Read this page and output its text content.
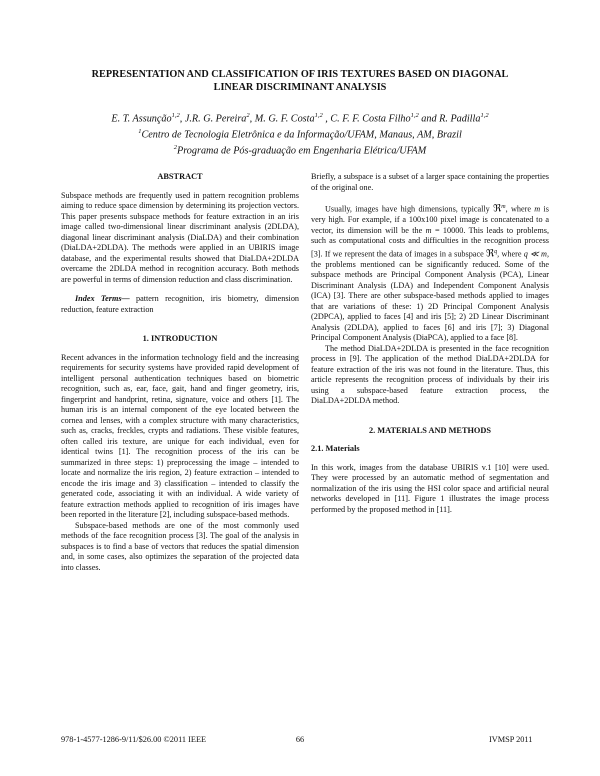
REPRESENTATION AND CLASSIFICATION OF IRIS TEXTURES BASED ON DIAGONAL
LINEAR DISCRIMINANT ANALYSIS
E. T. Assunção$^{1,2}$, J.R. G. Pereira$^2$, M. G. F. Costa$^{1,2}$ , C. F. F. Costa Filho$^{1,2}$ and R. Padilla$^{1,2}$
$^1$Centro de Tecnologia Eletrônica e da Informação/UFAM, Manaus, AM, Brazil
$^2$Programa de Pós-graduação em Engenharia Elétrica/UFAM
ABSTRACT

Subspace methods are frequently used in pattern recognition problems aiming to reduce space dimension by determining its projection vectors. This paper presents subspace methods for feature extraction in an iris image called two-dimensional linear discriminant analysis (2DLDA), diagonal linear discriminant analysis (DiaLDA) and their combination (DiaLDA+2DLDA). The methods were applied in an UBIRIS image database, and the experimental results showed that DiaLDA+2DLDA overcame the 2DLDA method in recognition accuracy. Both methods are powerful in terms of dimension reduction and class discrimination.

Index Terms— pattern recognition, iris biometry, dimension reduction, feature extraction

1. INTRODUCTION

Recent advances in the information technology field and the increasing requirements for security systems have provided rapid development of intelligent personal authentication techniques based on biometric recognition, such as, ear, face, gait, hand and finger geometry, iris, fingerprint and handprint, retina, signature, voice and others [1]. The human iris is an internal component of the eye located between the cornea and lenses, with a complex structure with many characteristics, such as, cracks, freckles, crypts and radiations. These visible features, often called iris texture, are unique for each individual, even for identical twins [1]. The recognition process of the iris can be summarized in three steps: 1) preprocessing the image – intended to locate and normalize the iris region, 2) feature extraction – intended to encode the iris image and 3) classification – intended to classify the generated code, associating it with an individual. A wide variety of feature extraction methods applied to recognition of iris images have been reported in the literature [2], including subspace-based methods.

Subspace-based methods are one of the most commonly used methods of the face recognition process [3]. The goal of the analysis in subspaces is to find a base of vectors that reduces the spatial dimension and, in some cases, also optimizes the separation of the projected data into classes.

Briefly, a subspace is a subset of a larger space containing the properties of the original one.

Usually, images have high dimensions, typically ℜ$^m$, where m is very high. For example, if a 100x100 pixel image is concatenated to a vector, its dimension will be the m = 10000. This leads to problems, such as computational costs and difficulties in the recognition process [3]. If we represent the data of images in a subspace ℜ$^q$, where q ≪ m, the problems mentioned can be significantly reduced. Some of the subspace methods are Principal Component Analysis (PCA), Linear Discriminant Analysis (LDA) and Independent Component Analysis (ICA) [3]. There are other subspace-based methods applied to images that are variations of these: 1) 2D Principal Component Analysis (2DPCA), applied to faces [4] and iris [5]; 2) 2D Linear Discriminant Analysis (2DLDA), applied to faces [6] and iris [7]; 3) Diagonal Principal Component Analysis (DiaPCA), applied to a face [8].

The method DiaLDA+2DLDA is presented in the face recognition process in [9]. The application of the method DiaLDA+2DLDA for feature extraction of the iris was not found in the literature. Thus, this article represents the recognition process of individuals by their iris using a subspace-based feature extraction process, the DiaLDA+2DLDA method.

2. MATERIALS AND METHODS
2.1. Materials

In this work, images from the database UBIRIS v.1 [10] were used. They were processed by an automatic method of segmentation and normalization of the iris using the HSI color space and artificial neural networks developed in [11]. Figure 1 illustrates the image process performed by the proposed method in [11].

978-1-4577-1286-9/11/$26.00 ©2011 IEEE	66	IVMSP 2011
